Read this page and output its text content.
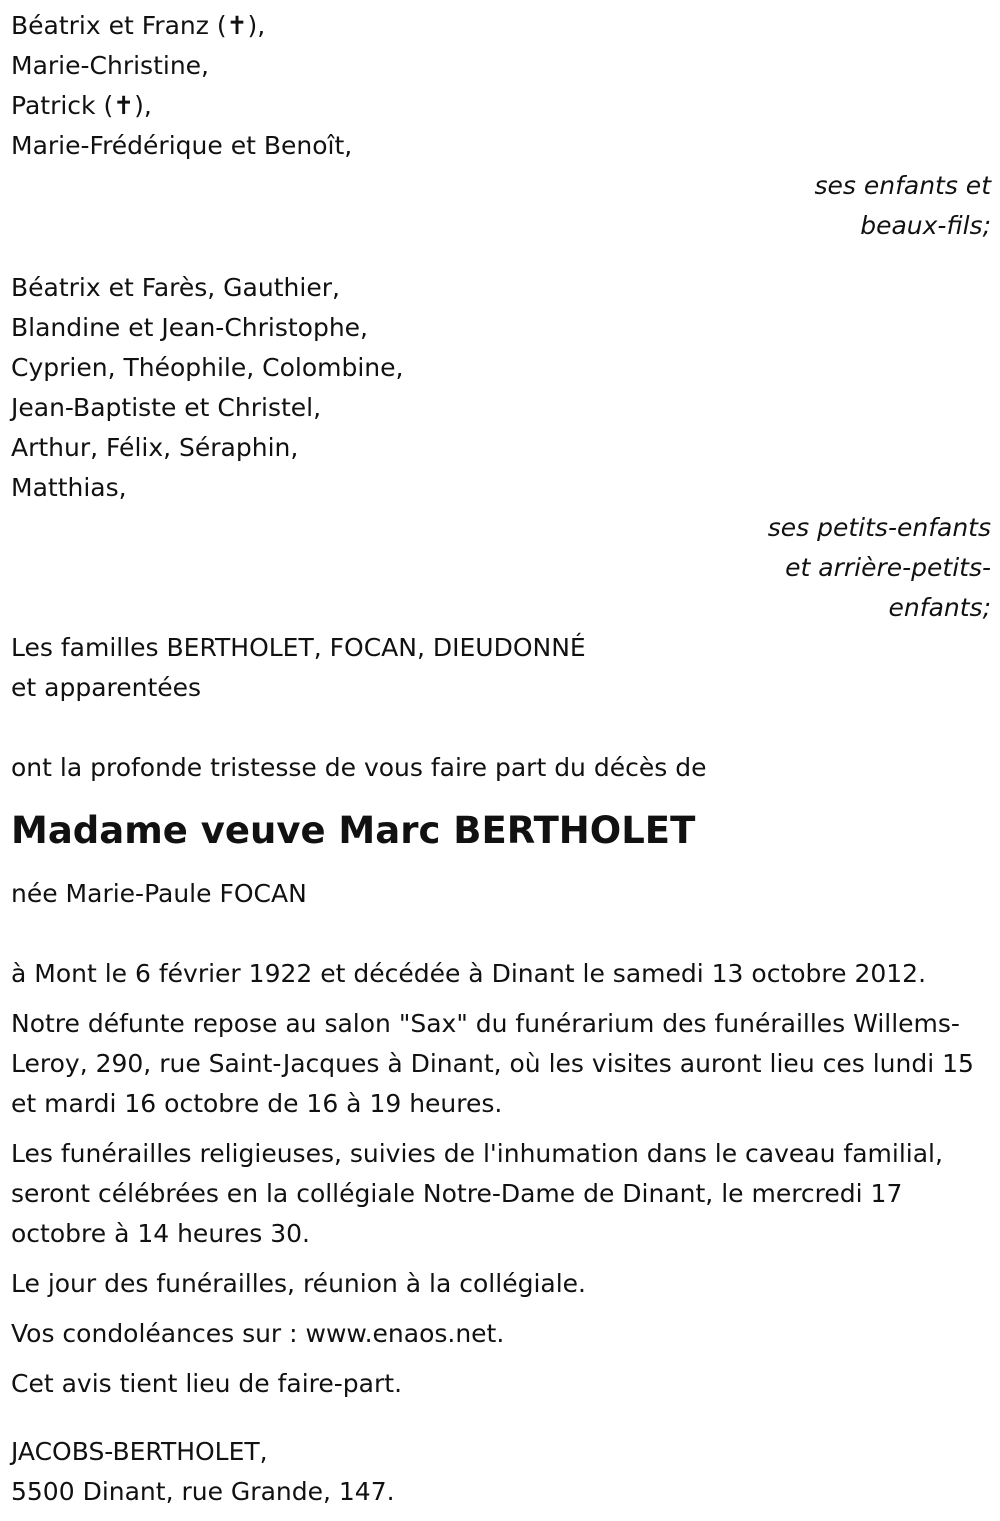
Béatrix et Franz (✝),
Marie-Christine,
Patrick (✝),
Marie-Frédérique et Benoît,
ses enfants et
beaux-fils;
Béatrix et Farès, Gauthier,
Blandine et Jean-Christophe,
Cyprien, Théophile, Colombine,
Jean-Baptiste et Christel,
Arthur, Félix, Séraphin,
Matthias,
ses petits-enfants
et arrière-petits-
enfants;
Les familles BERTHOLET, FOCAN, DIEUDONNÉ
et apparentées
ont la profonde tristesse de vous faire part du décès de
Madame veuve Marc BERTHOLET
née Marie-Paule FOCAN
à Mont le 6 février 1922 et décédée à Dinant le samedi 13 octobre 2012.
Notre défunte repose au salon "Sax" du funérarium des funérailles Willems-Leroy, 290, rue Saint-Jacques à Dinant, où les visites auront lieu ces lundi 15 et mardi 16 octobre de 16 à 19 heures.
Les funérailles religieuses, suivies de l'inhumation dans le caveau familial, seront célébrées en la collégiale Notre-Dame de Dinant, le mercredi 17 octobre à 14 heures 30.
Le jour des funérailles, réunion à la collégiale.
Vos condoléances sur : www.enaos.net.
Cet avis tient lieu de faire-part.
JACOBS-BERTHOLET,
5500 Dinant, rue Grande, 147.
